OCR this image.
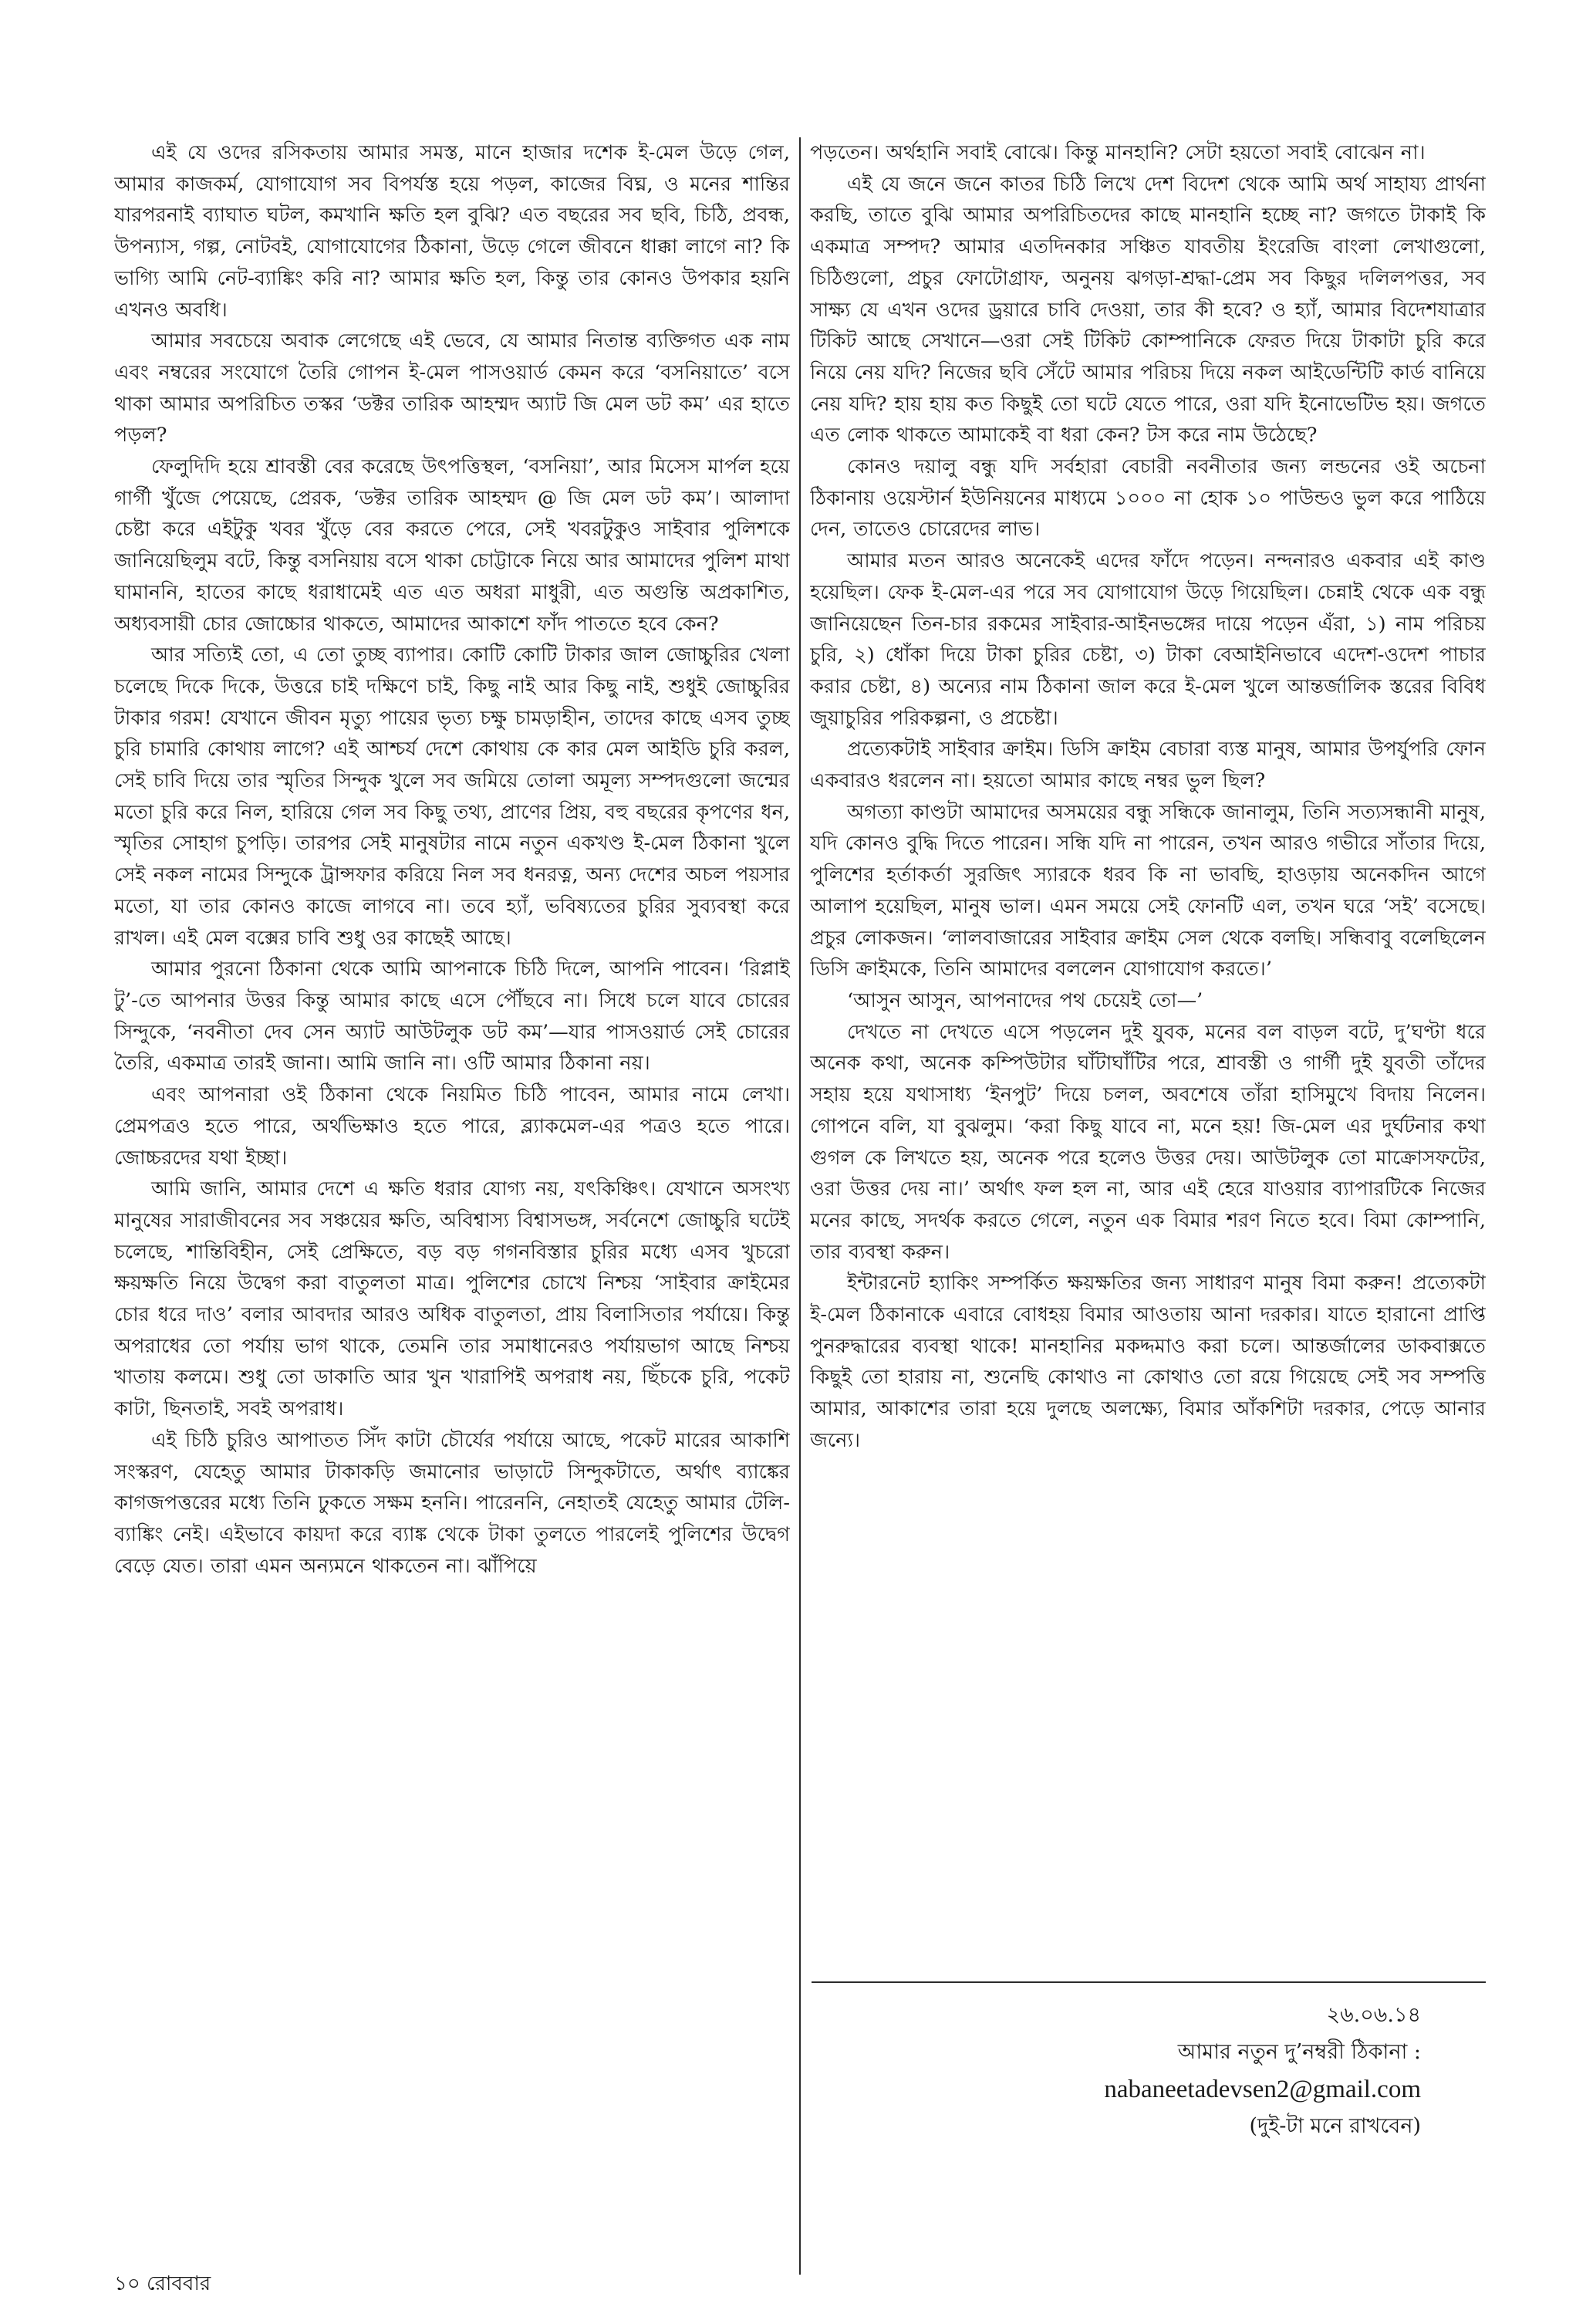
এই যে ওদের রসিকতায় আমার সমস্ত, মানে হাজার দশেক ই-মেল উড়ে গেল, আমার কাজকর্ম, যোগাযোগ সব বিপর্যস্ত হয়ে পড়ল, কাজের বিঘ্ন, ও মনের শান্তির যারপরনাই ব্যাঘাত ঘটল, কমখানি ক্ষতি হল বুঝি? এত বছরের সব ছবি, চিঠি, প্রবন্ধ, উপন্যাস, গল্প, নোটবই, যোগাযোগের ঠিকানা, উড়ে গেলে জীবনে ধাক্কা লাগে না? কি ভাগ্যি আমি নেট-ব্যাঙ্কিং করি না? আমার ক্ষতি হল, কিন্তু তার কোনও উপকার হয়নি এখনও অবধি।

আমার সবচেয়ে অবাক লেগেছে এই ভেবে, যে আমার নিতান্ত ব্যক্তিগত এক নাম এবং নম্বরের সংযোগে তৈরি গোপন ই-মেল পাসওয়ার্ড কেমন করে ‘বসনিয়াতে’ বসে থাকা আমার অপরিচিত তস্কর ‘ডক্টর তারিক আহম্মদ অ্যাট জি মেল ডট কম’ এর হাতে পড়ল?

ফেলুদিদি হয়ে শ্রাবস্তী বের করেছে উৎপত্তিস্থল, ‘বসনিয়া’, আর মিসেস মার্পল হয়ে গার্গী খুঁজে পেয়েছে, প্রেরক, ‘ডক্টর তারিক আহম্মদ @ জি মেল ডট কম’। আলাদা চেষ্টা করে এইটুকু খবর খুঁড়ে বের করতে পেরে, সেই খবরটুকুও সাইবার পুলিশকে জানিয়েছিলুম বটে, কিন্তু বসনিয়ায় বসে থাকা চোট্টাকে নিয়ে আর আমাদের পুলিশ মাথা ঘামাননি, হাতের কাছে ধরাধামেই এত এত অধরা মাধুরী, এত অগুন্তি অপ্রকাশিত, অধ্যবসায়ী চোর জোচ্চোর থাকতে, আমাদের আকাশে ফাঁদ পাততে হবে কেন?

আর সত্যিই তো, এ তো তুচ্ছ ব্যাপার। কোটি কোটি টাকার জাল জোচ্চুরির খেলা চলেছে দিকে দিকে, উত্তরে চাই দক্ষিণে চাই, কিছু নাই আর কিছু নাই, শুধুই জোচ্চুরির টাকার গরম! যেখানে জীবন মৃত্যু পায়ের ভৃত্য চক্ষু চামড়াহীন, তাদের কাছে এসব তুচ্ছ চুরি চামারি কোথায় লাগে? এই আশ্চর্য দেশে কোথায় কে কার মেল আইডি চুরি করল, সেই চাবি দিয়ে তার স্মৃতির সিন্দুক খুলে সব জমিয়ে তোলা অমূল্য সম্পদগুলো জন্মের মতো চুরি করে নিল, হারিয়ে গেল সব কিছু তথ্য, প্রাণের প্রিয়, বহু বছরের কৃপণের ধন, স্মৃতির সোহাগ চুপড়ি। তারপর সেই মানুষটার নামে নতুন একখণ্ড ই-মেল ঠিকানা খুলে সেই নকল নামের সিন্দুকে ট্রান্সফার করিয়ে নিল সব ধনরত্ন, অন্য দেশের অচল পয়সার মতো, যা তার কোনও কাজে লাগবে না। তবে হ্যাঁ, ভবিষ্যতের চুরির সুব্যবস্থা করে রাখল। এই মেল বক্সের চাবি শুধু ওর কাছেই আছে।

আমার পুরনো ঠিকানা থেকে আমি আপনাকে চিঠি দিলে, আপনি পাবেন। ‘রিপ্লাই টু’-তে আপনার উত্তর কিন্তু আমার কাছে এসে পৌঁছবে না। সিধে চলে যাবে চোরের সিন্দুকে, ‘নবনীতা দেব সেন অ্যাট আউটলুক ডট কম’—যার পাসওয়ার্ড সেই চোরের তৈরি, একমাত্র তারই জানা। আমি জানি না। ওটি আমার ঠিকানা নয়।

এবং আপনারা ওই ঠিকানা থেকে নিয়মিত চিঠি পাবেন, আমার নামে লেখা। প্রেমপত্রও হতে পারে, অর্থভিক্ষাও হতে পারে, ব্ল্যাকমেল-এর পত্রও হতে পারে। জোচ্চরদের যথা ইচ্ছা।

আমি জানি, আমার দেশে এ ক্ষতি ধরার যোগ্য নয়, যৎকিঞ্চিৎ। যেখানে অসংখ্য মানুষের সারাজীবনের সব সঞ্চয়ের ক্ষতি, অবিশ্বাস্য বিশ্বাসভঙ্গ, সর্বনেশে জোচ্চুরি ঘটেই চলেছে, শান্তিবিহীন, সেই প্রেক্ষিতে, বড় বড় গগনবিস্তার চুরির মধ্যে এসব খুচরো ক্ষয়ক্ষতি নিয়ে উদ্বেগ করা বাতুলতা মাত্র। পুলিশের চোখে নিশ্চয় ‘সাইবার ক্রাইমের চোর ধরে দাও’ বলার আবদার আরও অধিক বাতুলতা, প্রায় বিলাসিতার পর্যায়ে। কিন্তু অপরাধের তো পর্যায় ভাগ থাকে, তেমনি তার সমাধানেরও পর্যায়ভাগ আছে নিশ্চয় খাতায় কলমে। শুধু তো ডাকাতি আর খুন খারাপিই অপরাধ নয়, ছিঁচকে চুরি, পকেট কাটা, ছিনতাই, সবই অপরাধ।

এই চিঠি চুরিও আপাতত সিঁদ কাটা চৌর্যের পর্যায়ে আছে, পকেট মারের আকাশি সংস্করণ, যেহেতু আমার টাকাকড়ি জমানোর ভাড়াটে সিন্দুকটাতে, অর্থাৎ ব্যাঙ্কের কাগজপত্তরের মধ্যে তিনি ঢুকতে সক্ষম হননি। পারেননি, নেহাতই যেহেতু আমার টেলি-ব্যাঙ্কিং নেই। এইভাবে কায়দা করে ব্যাঙ্ক থেকে টাকা তুলতে পারলেই পুলিশের উদ্বেগ বেড়ে যেত। তারা এমন অন্যমনে থাকতেন না। ঝাঁপিয়ে

পড়তেন। অর্থহানি সবাই বোঝে। কিন্তু মানহানি? সেটা হয়তো সবাই বোঝেন না।

এই যে জনে জনে কাতর চিঠি লিখে দেশ বিদেশ থেকে আমি অর্থ সাহায্য প্রার্থনা করছি, তাতে বুঝি আমার অপরিচিতদের কাছে মানহানি হচ্ছে না? জগতে টাকাই কি একমাত্র সম্পদ? আমার এতদিনকার সঞ্চিত যাবতীয় ইংরেজি বাংলা লেখাগুলো, চিঠিগুলো, প্রচুর ফোটোগ্রাফ, অনুনয় ঝগড়া-শ্রদ্ধা-প্রেম সব কিছুর দলিলপত্তর, সব সাক্ষ্য যে এখন ওদের ড্রয়ারে চাবি দেওয়া, তার কী হবে? ও হ্যাঁ, আমার বিদেশযাত্রার টিকিট আছে সেখানে—ওরা সেই টিকিট কোম্পানিকে ফেরত দিয়ে টাকাটা চুরি করে নিয়ে নেয় যদি? নিজের ছবি সেঁটে আমার পরিচয় দিয়ে নকল আইডেন্টিটি কার্ড বানিয়ে নেয় যদি? হায় হায় কত কিছুই তো ঘটে যেতে পারে, ওরা যদি ইনোভেটিভ হয়। জগতে এত লোক থাকতে আমাকেই বা ধরা কেন? টস করে নাম উঠেছে?

কোনও দয়ালু বন্ধু যদি সর্বহারা বেচারী নবনীতার জন্য লন্ডনের ওই অচেনা ঠিকানায় ওয়েস্টার্ন ইউনিয়নের মাধ্যমে ১০০০ না হোক ১০ পাউন্ডও ভুল করে পাঠিয়ে দেন, তাতেও চোরেদের লাভ।

আমার মতন আরও অনেকেই এদের ফাঁদে পড়েন। নন্দনারও একবার এই কাণ্ড হয়েছিল। ফেক ই-মেল-এর পরে সব যোগাযোগ উড়ে গিয়েছিল। চেন্নাই থেকে এক বন্ধু জানিয়েছেন তিন-চার রকমের সাইবার-আইনভঙ্গের দায়ে পড়েন এঁরা, ১) নাম পরিচয় চুরি, ২) ধোঁকা দিয়ে টাকা চুরির চেষ্টা, ৩) টাকা বেআইনিভাবে এদেশ-ওদেশ পাচার করার চেষ্টা, ৪) অন্যের নাম ঠিকানা জাল করে ই-মেল খুলে আন্তর্জালিক স্তরের বিবিধ জুয়াচুরির পরিকল্পনা, ও প্রচেষ্টা।

প্রত্যেকটাই সাইবার ক্রাইম। ডিসি ক্রাইম বেচারা ব্যস্ত মানুষ, আমার উপর্যুপরি ফোন একবারও ধরলেন না। হয়তো আমার কাছে নম্বর ভুল ছিল?

অগত্যা কাণ্ডটা আমাদের অসময়ের বন্ধু সন্ধিকে জানালুম, তিনি সত্যসন্ধানী মানুষ, যদি কোনও বুদ্ধি দিতে পারেন। সন্ধি যদি না পারেন, তখন আরও গভীরে সাঁতার দিয়ে, পুলিশের হর্তাকর্তা সুরজিৎ স্যারকে ধরব কি না ভাবছি, হাওড়ায় অনেকদিন আগে আলাপ হয়েছিল, মানুষ ভাল। এমন সময়ে সেই ফোনটি এল, তখন ঘরে ‘সই’ বসেছে। প্রচুর লোকজন। ‘লালবাজারের সাইবার ক্রাইম সেল থেকে বলছি। সন্ধিবাবু বলেছিলেন ডিসি ক্রাইমকে, তিনি আমাদের বললেন যোগাযোগ করতে।’

‘আসুন আসুন, আপনাদের পথ চেয়েই তো—’

দেখতে না দেখতে এসে পড়লেন দুই যুবক, মনের বল বাড়ল বটে, দু’ঘণ্টা ধরে অনেক কথা, অনেক কম্পিউটার ঘাঁটাঘাঁটির পরে, শ্রাবস্তী ও গার্গী দুই যুবতী তাঁদের সহায় হয়ে যথাসাধ্য ‘ইনপুট’ দিয়ে চলল, অবশেষে তাঁরা হাসিমুখে বিদায় নিলেন। গোপনে বলি, যা বুঝলুম। ‘করা কিছু যাবে না, মনে হয়! জি-মেল এর দুর্ঘটনার কথা গুগল কে লিখতে হয়, অনেক পরে হলেও উত্তর দেয়। আউটলুক তো মাক্রোসফটের, ওরা উত্তর দেয় না।’ অর্থাৎ ফল হল না, আর এই হেরে যাওয়ার ব্যাপারটিকে নিজের মনের কাছে, সদর্থক করতে গেলে, নতুন এক বিমার শরণ নিতে হবে। বিমা কোম্পানি, তার ব্যবস্থা করুন।

ইন্টারনেট হ্যাকিং সম্পর্কিত ক্ষয়ক্ষতির জন্য সাধারণ মানুষ বিমা করুন! প্রত্যেকটা ই-মেল ঠিকানাকে এবারে বোধহয় বিমার আওতায় আনা দরকার। যাতে হারানো প্রাপ্তি পুনরুদ্ধারের ব্যবস্থা থাকে! মানহানির মকদ্দমাও করা চলে। আন্তর্জালের ডাকবাক্সতে কিছুই তো হারায় না, শুনেছি কোথাও না কোথাও তো রয়ে গিয়েছে সেই সব সম্পত্তি আমার, আকাশের তারা হয়ে দুলছে অলক্ষ্যে, বিমার আঁকশিটা দরকার, পেড়ে আনার জন্যে।

২৬.০৬.১৪
আমার নতুন দু’নম্বরী ঠিকানা :
nabaneetadevsen2@gmail.com
(দুই-টা মনে রাখবেন)
১০ রোববার
